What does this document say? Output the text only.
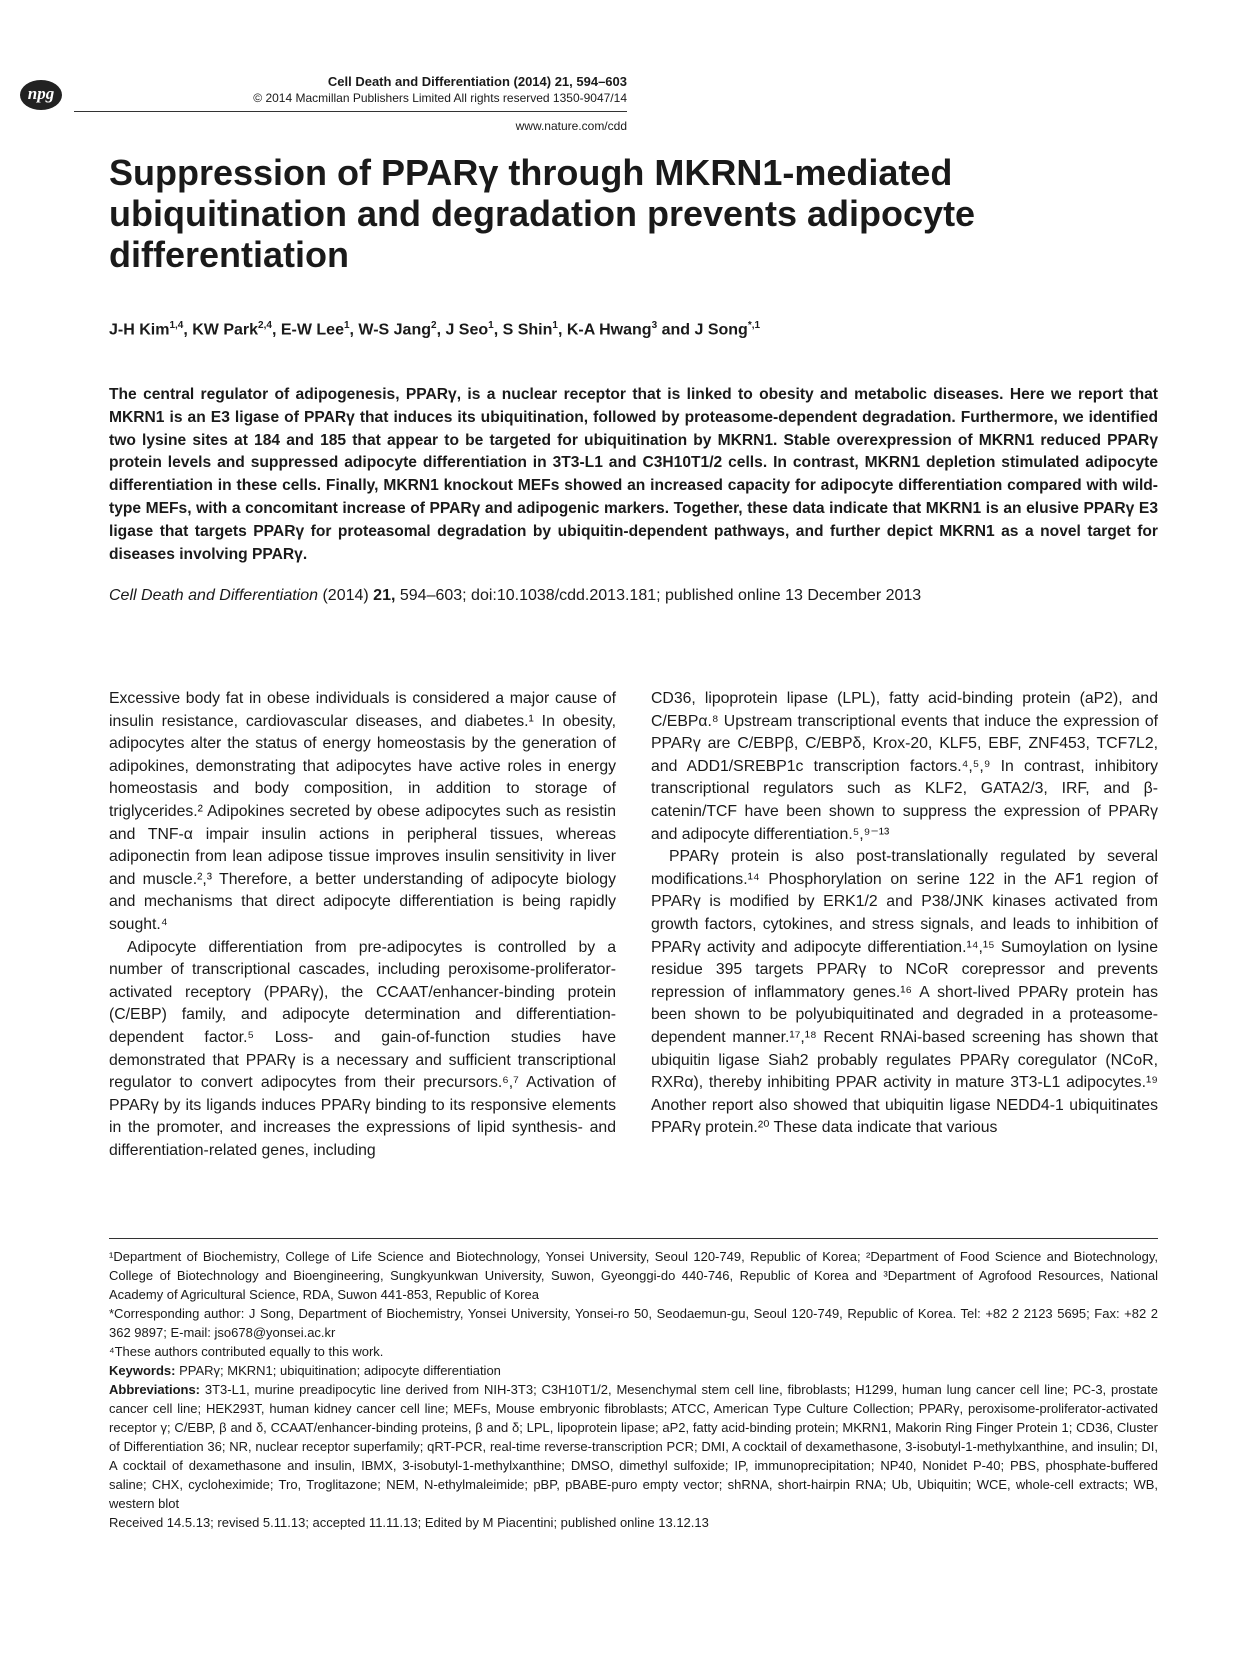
npg
Cell Death and Differentiation (2014) 21, 594–603
© 2014 Macmillan Publishers Limited All rights reserved 1350-9047/14
www.nature.com/cdd
Suppression of PPARγ through MKRN1-mediated ubiquitination and degradation prevents adipocyte differentiation
J-H Kim$^{1,4}$, KW Park$^{2,4}$, E-W Lee$^1$, W-S Jang$^2$, J Seo$^1$, S Shin$^1$, K-A Hwang$^3$ and J Song$^{*,1}$

The central regulator of adipogenesis, PPARγ, is a nuclear receptor that is linked to obesity and metabolic diseases. Here we report that MKRN1 is an E3 ligase of PPARγ that induces its ubiquitination, followed by proteasome-dependent degradation. Furthermore, we identified two lysine sites at 184 and 185 that appear to be targeted for ubiquitination by MKRN1. Stable overexpression of MKRN1 reduced PPARγ protein levels and suppressed adipocyte differentiation in 3T3-L1 and C3H10T1/2 cells. In contrast, MKRN1 depletion stimulated adipocyte differentiation in these cells. Finally, MKRN1 knockout MEFs showed an increased capacity for adipocyte differentiation compared with wild-type MEFs, with a concomitant increase of PPARγ and adipogenic markers. Together, these data indicate that MKRN1 is an elusive PPARγ E3 ligase that targets PPARγ for proteasomal degradation by ubiquitin-dependent pathways, and further depict MKRN1 as a novel target for diseases involving PPARγ.

Cell Death and Differentiation (2014) 21, 594–603; doi:10.1038/cdd.2013.181; published online 13 December 2013

Excessive body fat in obese individuals is considered a major cause of insulin resistance, cardiovascular diseases, and diabetes.¹ In obesity, adipocytes alter the status of energy homeostasis by the generation of adipokines, demonstrating that adipocytes have active roles in energy homeostasis and body composition, in addition to storage of triglycerides.² Adipokines secreted by obese adipocytes such as resistin and TNF-α impair insulin actions in peripheral tissues, whereas adiponectin from lean adipose tissue improves insulin sensitivity in liver and muscle.²,³ Therefore, a better understanding of adipocyte biology and mechanisms that direct adipocyte differentiation is being rapidly sought.⁴

Adipocyte differentiation from pre-adipocytes is controlled by a number of transcriptional cascades, including peroxisome-proliferator-activated receptorγ (PPARγ), the CCAAT/enhancer-binding protein (C/EBP) family, and adipocyte determination and differentiation-dependent factor.⁵ Loss- and gain-of-function studies have demonstrated that PPARγ is a necessary and sufficient transcriptional regulator to convert adipocytes from their precursors.⁶,⁷ Activation of PPARγ by its ligands induces PPARγ binding to its responsive elements in the promoter, and increases the expressions of lipid synthesis- and differentiation-related genes, including

CD36, lipoprotein lipase (LPL), fatty acid-binding protein (aP2), and C/EBPα.⁸ Upstream transcriptional events that induce the expression of PPARγ are C/EBPβ, C/EBPδ, Krox-20, KLF5, EBF, ZNF453, TCF7L2, and ADD1/SREBP1c transcription factors.⁴,⁵,⁹ In contrast, inhibitory transcriptional regulators such as KLF2, GATA2/3, IRF, and β-catenin/TCF have been shown to suppress the expression of PPARγ and adipocyte differentiation.⁵,⁹⁻¹³

PPARγ protein is also post-translationally regulated by several modifications.¹⁴ Phosphorylation on serine 122 in the AF1 region of PPARγ is modified by ERK1/2 and P38/JNK kinases activated from growth factors, cytokines, and stress signals, and leads to inhibition of PPARγ activity and adipocyte differentiation.¹⁴,¹⁵ Sumoylation on lysine residue 395 targets PPARγ to NCoR corepressor and prevents repression of inflammatory genes.¹⁶ A short-lived PPARγ protein has been shown to be polyubiquitinated and degraded in a proteasome-dependent manner.¹⁷,¹⁸ Recent RNAi-based screening has shown that ubiquitin ligase Siah2 probably regulates PPARγ coregulator (NCoR, RXRα), thereby inhibiting PPAR activity in mature 3T3-L1 adipocytes.¹⁹ Another report also showed that ubiquitin ligase NEDD4-1 ubiquitinates PPARγ protein.²⁰ These data indicate that various

¹Department of Biochemistry, College of Life Science and Biotechnology, Yonsei University, Seoul 120-749, Republic of Korea; ²Department of Food Science and Biotechnology, College of Biotechnology and Bioengineering, Sungkyunkwan University, Suwon, Gyeonggi-do 440-746, Republic of Korea and ³Department of Agrofood Resources, National Academy of Agricultural Science, RDA, Suwon 441-853, Republic of Korea

*Corresponding author: J Song, Department of Biochemistry, Yonsei University, Yonsei-ro 50, Seodaemun-gu, Seoul 120-749, Republic of Korea. Tel: +82 2 2123 5695; Fax: +82 2 362 9897; E-mail: jso678@yonsei.ac.kr

⁴These authors contributed equally to this work.

Keywords: PPARγ; MKRN1; ubiquitination; adipocyte differentiation

Abbreviations: 3T3-L1, murine preadipocytic line derived from NIH-3T3; C3H10T1/2, Mesenchymal stem cell line, fibroblasts; H1299, human lung cancer cell line; PC-3, prostate cancer cell line; HEK293T, human kidney cancer cell line; MEFs, Mouse embryonic fibroblasts; ATCC, American Type Culture Collection; PPARγ, peroxisome-proliferator-activated receptor γ; C/EBP, β and δ, CCAAT/enhancer-binding proteins, β and δ; LPL, lipoprotein lipase; aP2, fatty acid-binding protein; MKRN1, Makorin Ring Finger Protein 1; CD36, Cluster of Differentiation 36; NR, nuclear receptor superfamily; qRT-PCR, real-time reverse-transcription PCR; DMI, A cocktail of dexamethasone, 3-isobutyl-1-methylxanthine, and insulin; DI, A cocktail of dexamethasone and insulin, IBMX, 3-isobutyl-1-methylxanthine; DMSO, dimethyl sulfoxide; IP, immunoprecipitation; NP40, Nonidet P-40; PBS, phosphate-buffered saline; CHX, cycloheximide; Tro, Troglitazone; NEM, N-ethylmaleimide; pBP, pBABE-puro empty vector; shRNA, short-hairpin RNA; Ub, Ubiquitin; WCE, whole-cell extracts; WB, western blot

Received 14.5.13; revised 5.11.13; accepted 11.11.13; Edited by M Piacentini; published online 13.12.13
